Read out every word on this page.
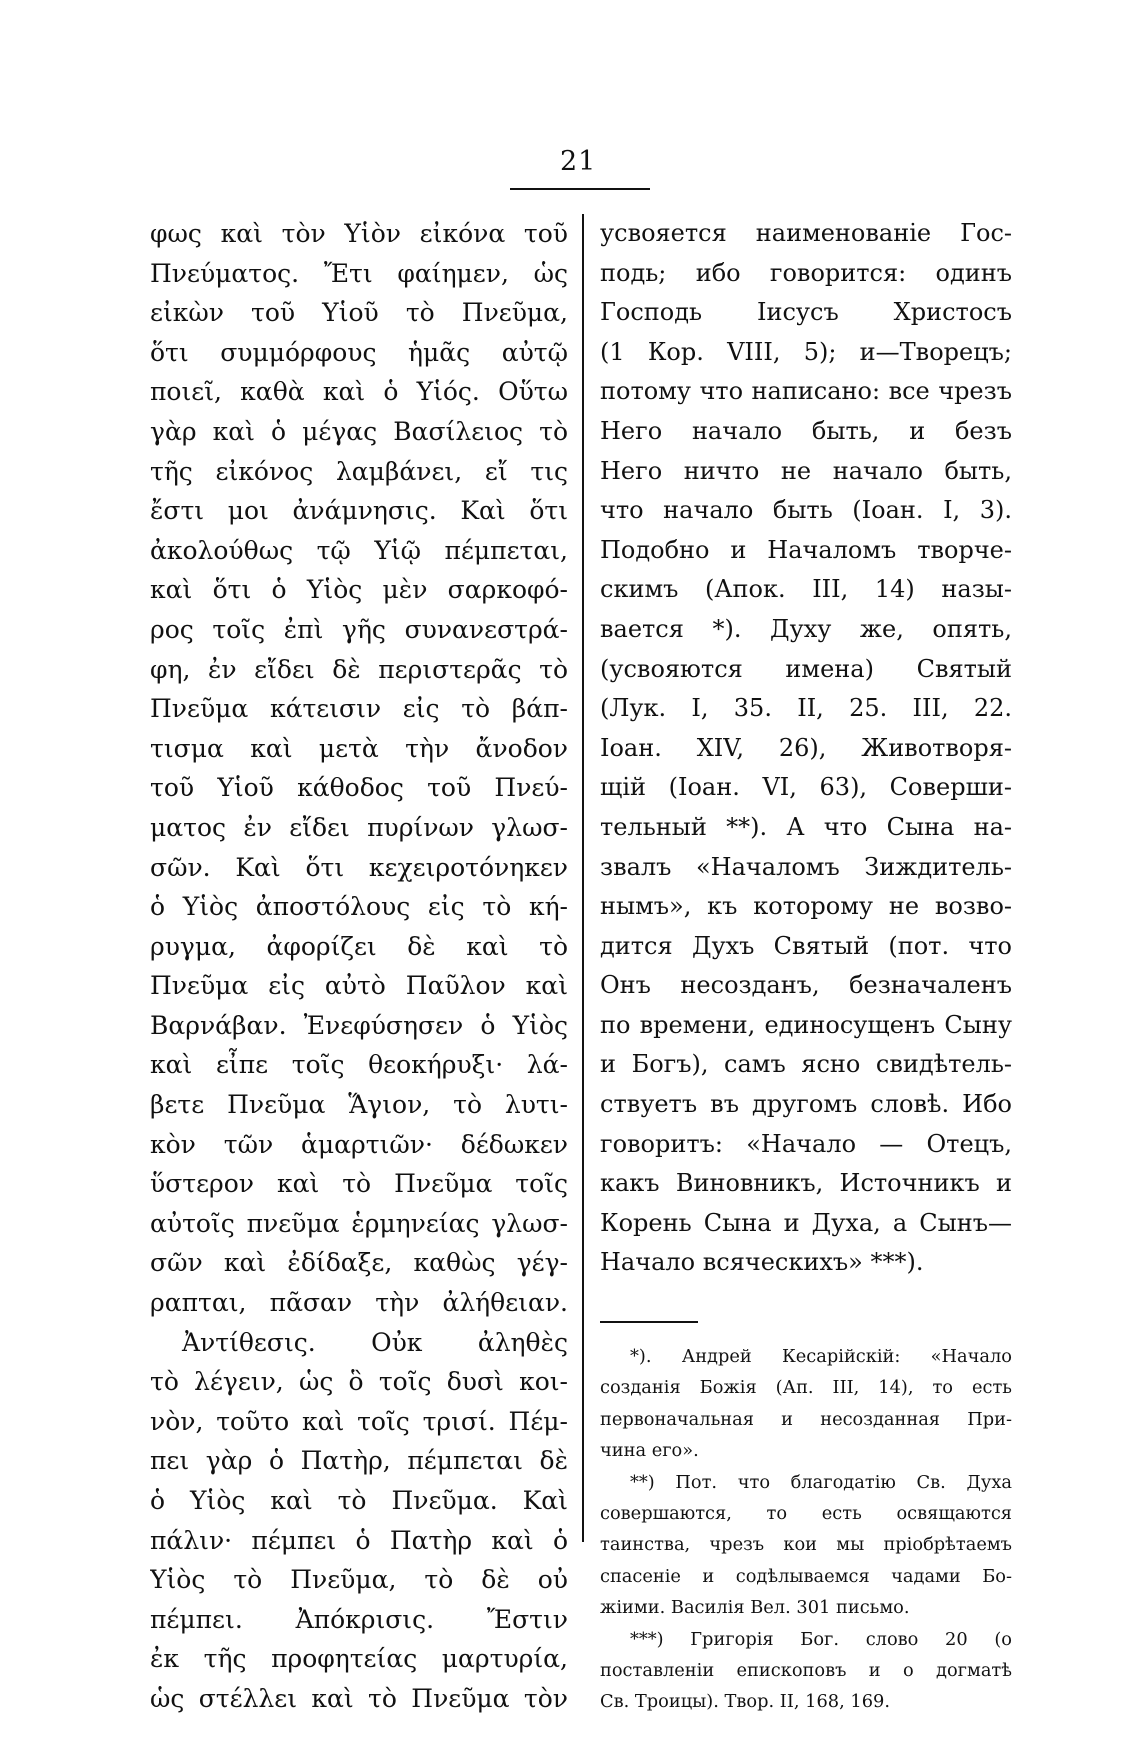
21
φως καὶ τὸν Υἱὸν εἰκόνα τοῦ
Πνεύματος. Ἔτι φαίημεν, ὡς
εἰκὼν τοῦ Υἱοῦ τὸ Πνεῦμα,
ὅτι συμμόρφους ἡμᾶς αὐτῷ
ποιεῖ, καθὰ καὶ ὁ Υἱός. Οὕτω
γὰρ καὶ ὁ μέγας Βασίλειος τὸ
τῆς εἰκόνος λαμβάνει, εἴ τις
ἔστι μοι ἀνάμνησις. Καὶ ὅτι
ἀκολούθως τῷ Υἱῷ πέμπεται,
καὶ ὅτι ὁ Υἱὸς μὲν σαρκοφό-
ρος τοῖς ἐπὶ γῆς συνανεστρά-
φη, ἐν εἴδει δὲ περιστερᾶς τὸ
Πνεῦμα κάτεισιν εἰς τὸ βάπ-
τισμα καὶ μετὰ τὴν ἄνοδον
τοῦ Υἱοῦ κάθοδος τοῦ Πνεύ-
ματος ἐν εἴδει πυρίνων γλωσ-
σῶν. Καὶ ὅτι κεχειροτόνηκεν
ὁ Υἱὸς ἀποστόλους εἰς τὸ κή-
ρυγμα, ἀφορίζει δὲ καὶ τὸ
Πνεῦμα εἰς αὐτὸ Παῦλον καὶ
Βαρνάβαν. Ἐνεφύσησεν ὁ Υἱὸς
καὶ εἶπε τοῖς θεοκήρυξι· λά-
βετε Πνεῦμα Ἅγιον, τὸ λυτι-
κὸν τῶν ἁμαρτιῶν· δέδωκεν
ὕστερον καὶ τὸ Πνεῦμα τοῖς
αὐτοῖς πνεῦμα ἑρμηνείας γλωσ-
σῶν καὶ ἐδίδαξε, καθὼς γέγ-
ραπται, πᾶσαν τὴν ἀλήθειαν.
Ἀντίθεσις. Οὐκ ἀληθὲς
τὸ λέγειν, ὡς ὃ τοῖς δυσὶ κοι-
νὸν, τοῦτο καὶ τοῖς τρισί. Πέμ-
πει γὰρ ὁ Πατὴρ, πέμπεται δὲ
ὁ Υἱὸς καὶ τὸ Πνεῦμα. Καὶ
πάλιν· πέμπει ὁ Πατὴρ καὶ ὁ
Υἱὸς τὸ Πνεῦμα, τὸ δὲ οὐ
πέμπει. Ἀπόκρισις. Ἔστιν
ἐκ τῆς προφητείας μαρτυρία,
ὡς στέλλει καὶ τὸ Πνεῦμα τὸν
усвояется наименованіе Гос-
подь; ибо говорится: одинъ
Господь Іисусъ Христосъ
(1 Кор. VIII, 5); и—Творецъ;
потому что написано: все чрезъ
Него начало быть, и безъ
Него ничто не начало быть,
что начало быть (Іоан. I, 3).
Подобно и Началомъ творче-
скимъ (Апок. III, 14) назы-
вается *). Духу же, опять,
(усвояются имена) Святый
(Лук. I, 35. II, 25. III, 22.
Іоан. XIV, 26), Животворя-
щій (Іоан. VI, 63), Соверши-
тельный **). А что Сына на-
звалъ «Началомъ Зиждитель-
нымъ», къ которому не возво-
дится Духъ Святый (пот. что
Онъ несозданъ, безначаленъ
по времени, единосущенъ Сыну
и Богъ), самъ ясно свидѣтель-
ствуетъ въ другомъ словѣ. Ибо
говоритъ: «Начало — Отецъ,
какъ Виновникъ, Источникъ и
Корень Сына и Духа, а Сынъ—
Начало всяческихъ» ***).
*). Андрей Кесарійскій: «Начало
созданія Божія (Ап. III, 14), то есть
первоначальная и несозданная При-
чина его».
**) Пот. что благодатію Св. Духа
совершаются, то есть освящаются
таинства, чрезъ кои мы пріобрѣтаемъ
спасеніе и содѣлываемся чадами Бо-
жіими. Василія Вел. 301 письмо.
***) Григорія Бог. слово 20 (о
поставленіи епископовъ и о догматѣ
Св. Троицы). Твор. II, 168, 169.
